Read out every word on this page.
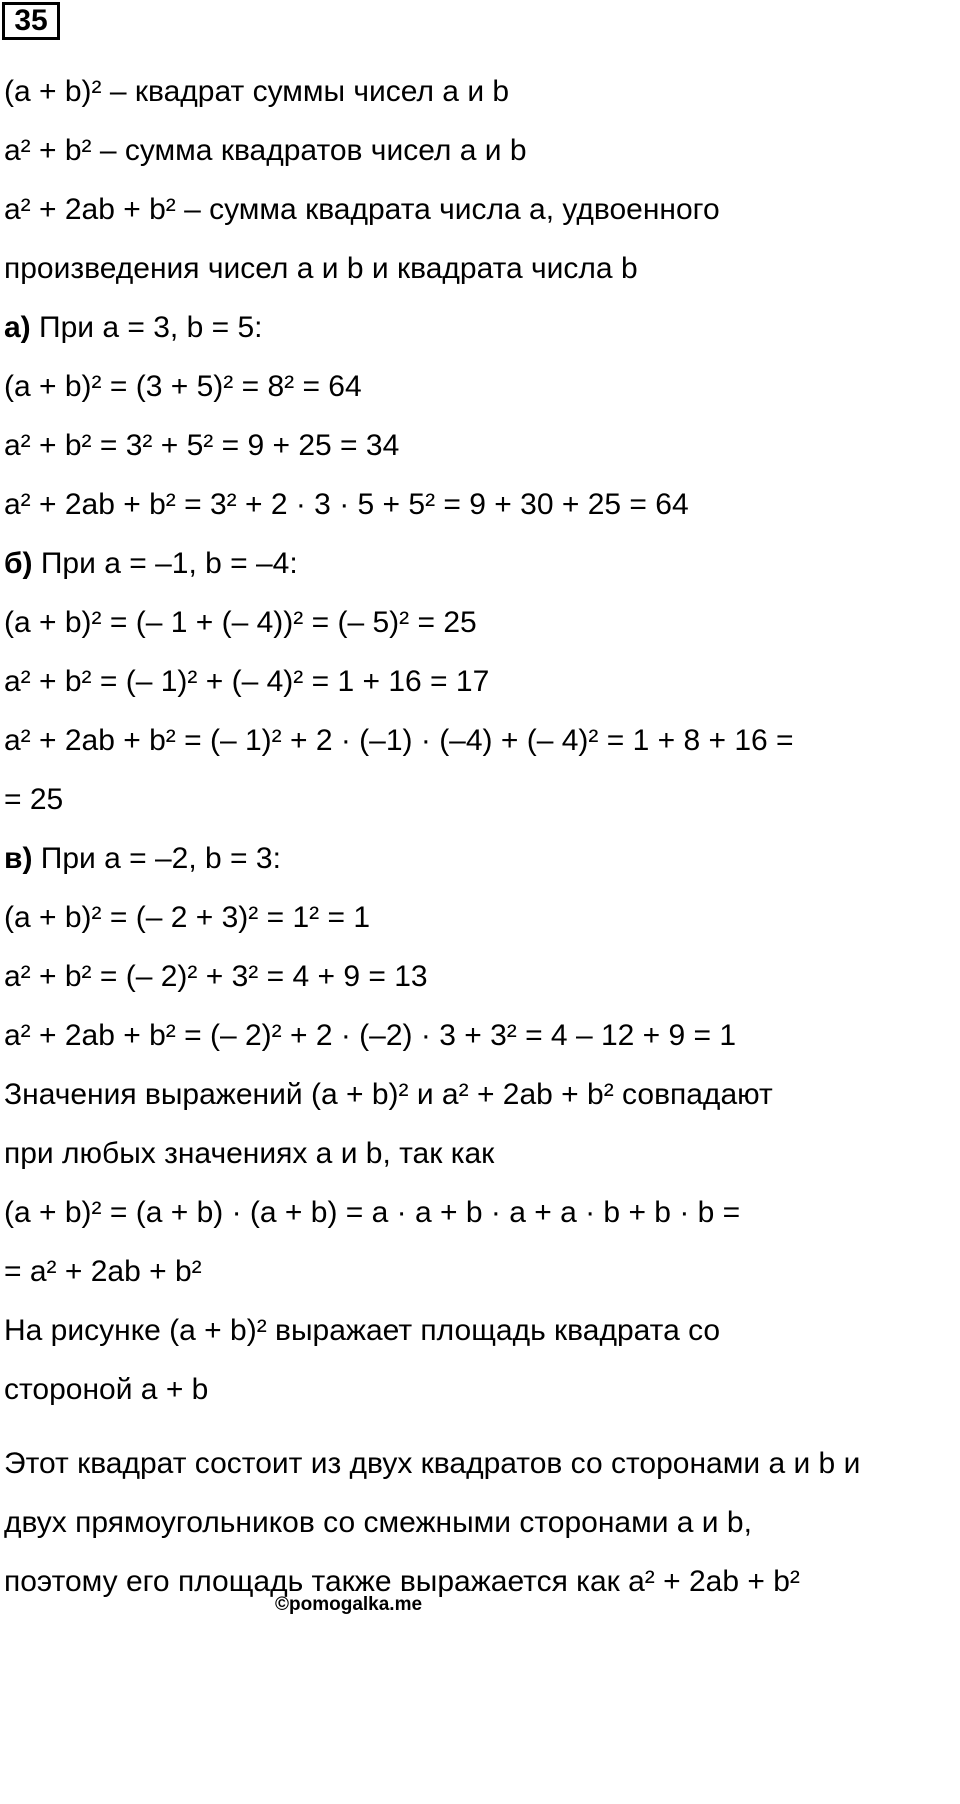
35
(a + b)² – квадрат суммы чисел a и b
a² + b² – сумма квадратов чисел a и b
a² + 2ab + b² – сумма квадрата числа a, удвоенного
произведения чисел a и b и квадрата числа b
а) При a = 3, b = 5:
(a + b)² = (3 + 5)² = 8² = 64
a² + b² = 3² + 5² = 9 + 25 = 34
a² + 2ab + b² = 3² + 2 · 3 · 5 + 5² = 9 + 30 + 25 = 64
б) При a = –1, b = –4:
(a + b)² = (– 1 + (– 4))² = (– 5)² = 25
a² + b² = (– 1)² + (– 4)² = 1 + 16 = 17
a² + 2ab + b² = (– 1)² + 2 · (–1) · (–4) + (– 4)² = 1 + 8 + 16 =
= 25
в) При a = –2, b = 3:
(a + b)² = (– 2 + 3)² = 1² = 1
a² + b² = (– 2)² + 3² = 4 + 9 = 13
a² + 2ab + b² = (– 2)² + 2 · (–2) · 3 + 3² = 4 – 12 + 9 = 1
Значения выражений (a + b)² и a² + 2ab + b² совпадают
при любых значениях a и b, так как
(a + b)² = (a + b) · (a + b) = a · a + b · a + a · b + b · b =
= a² + 2ab + b²
На рисунке (a + b)² выражает площадь квадрата со
стороной a + b
Этот квадрат состоит из двух квадратов со сторонами a и b и
двух прямоугольников со смежными сторонами a и b,
поэтому его площадь также выражается как a² + 2ab + b²
©pomogalka.me
